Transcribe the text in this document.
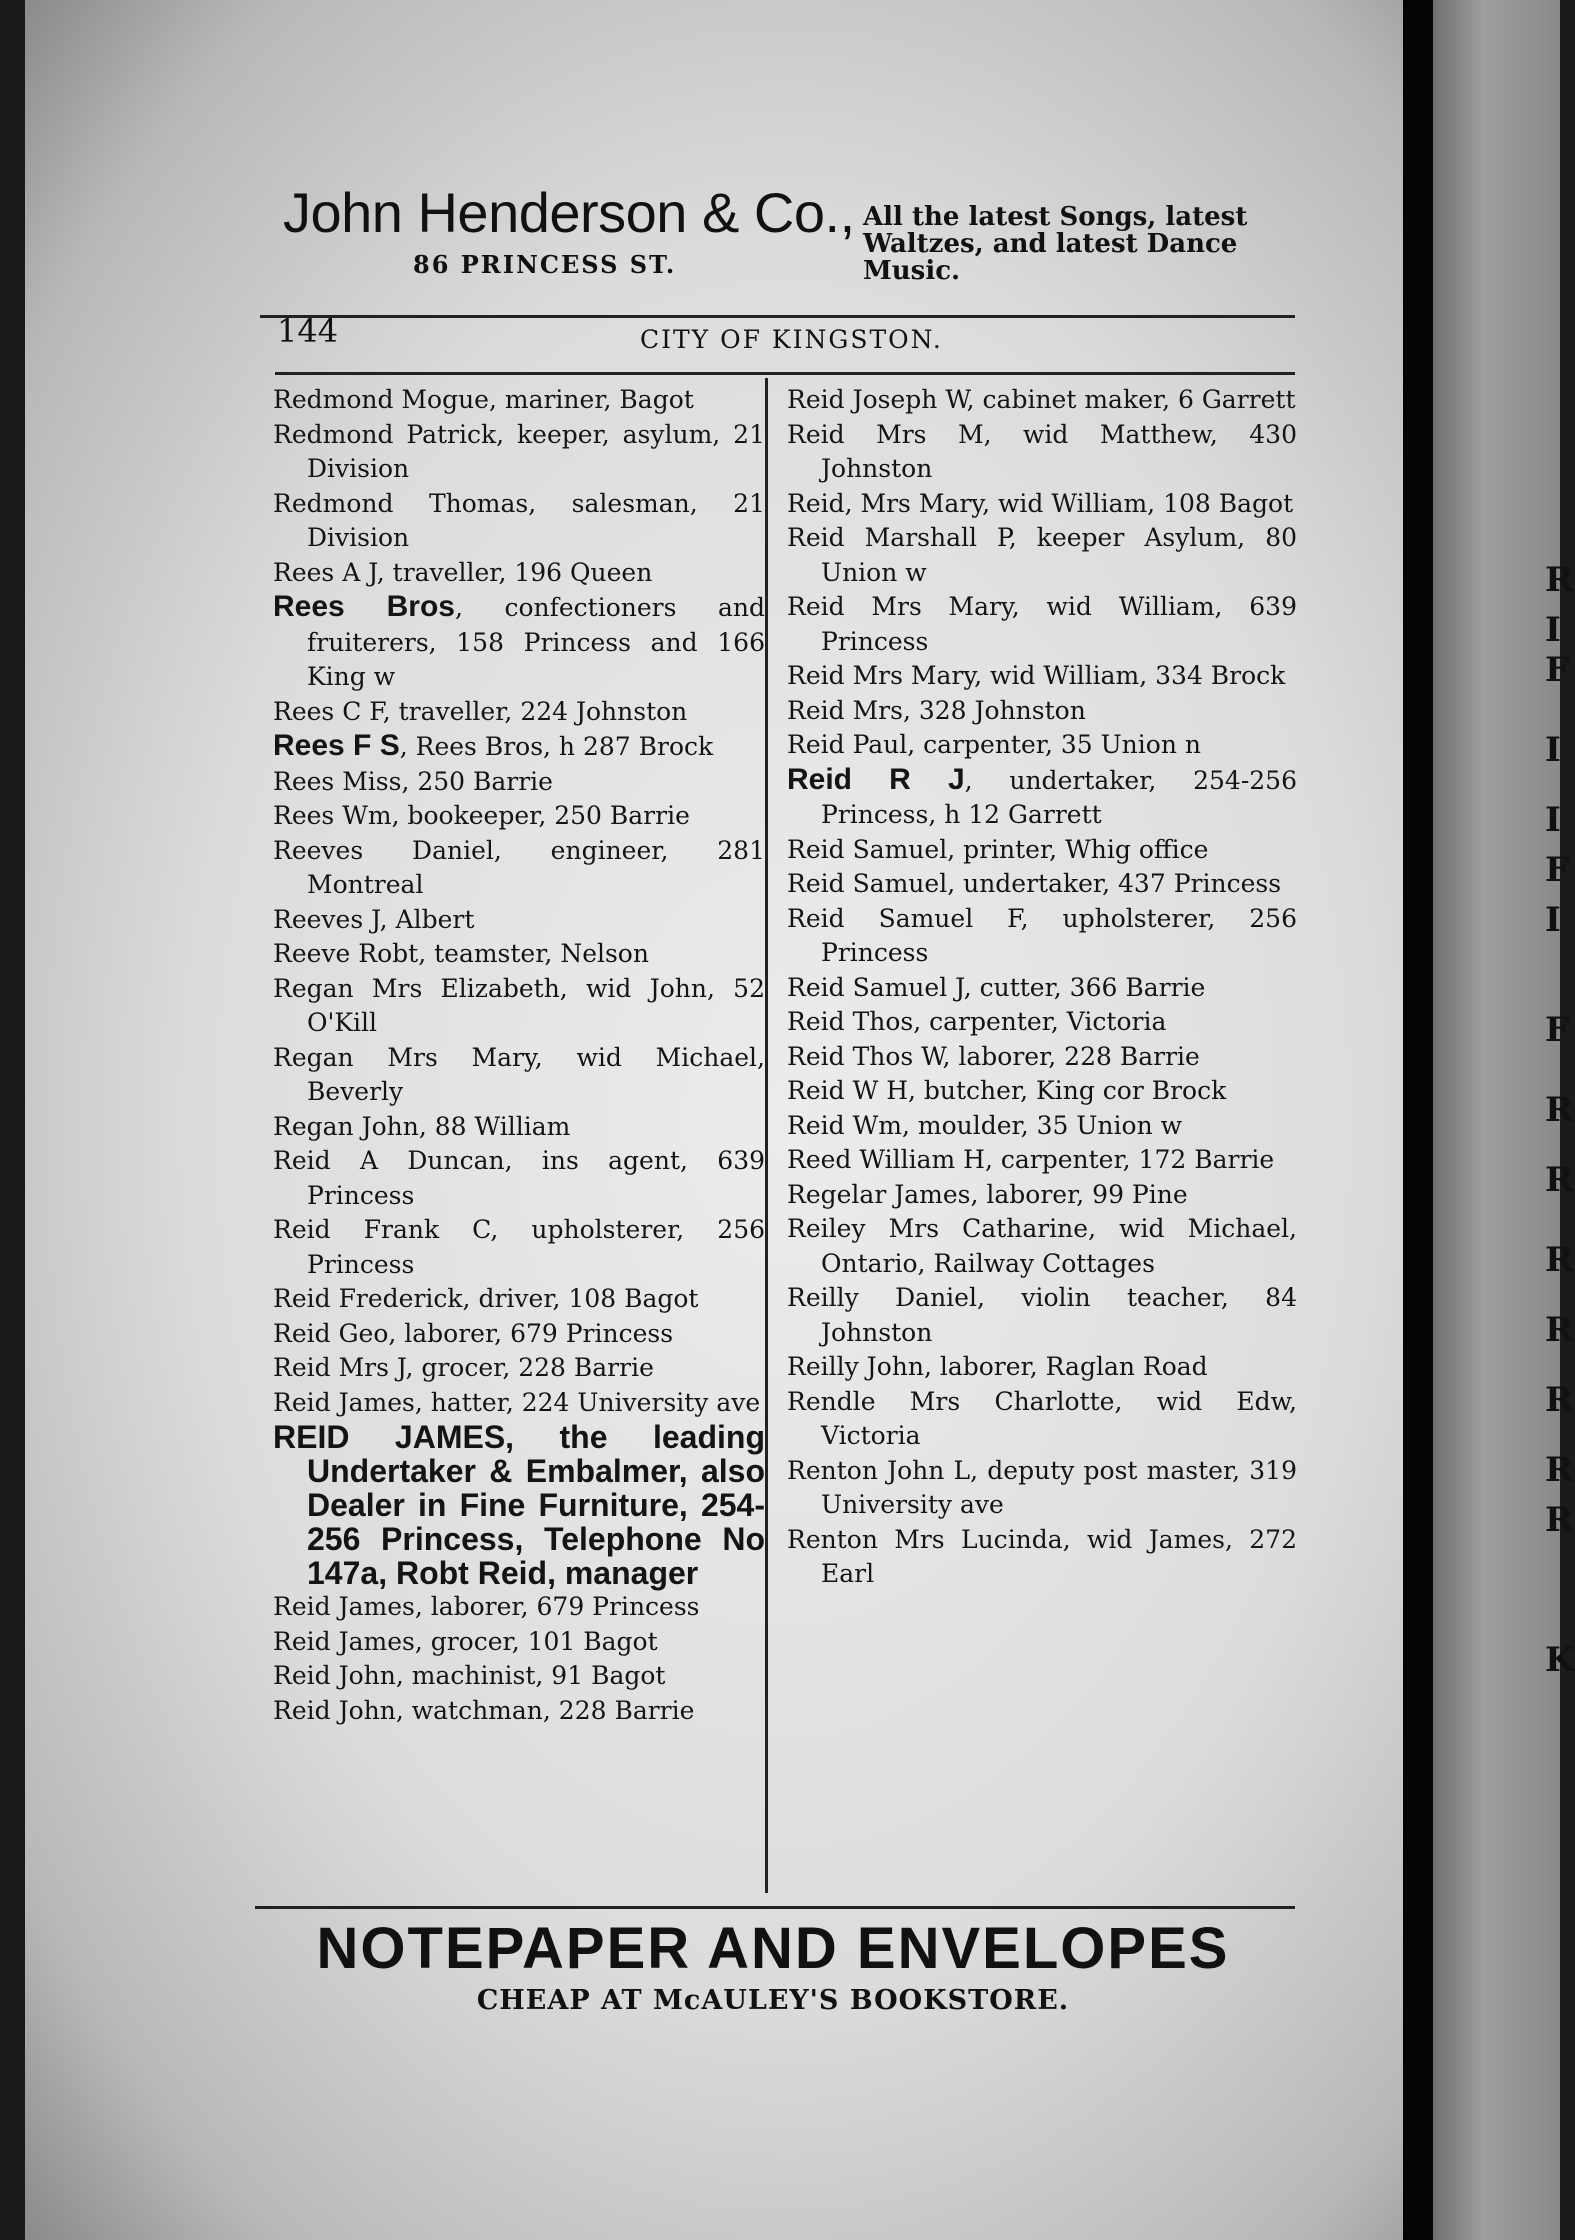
John Henderson & Co.,
86 PRINCESS ST.
All the latest Songs, latest Waltzes, and latest Dance Music.
144	CITY OF KINGSTON.

Redmond Mogue, mariner, Bagot

Redmond Patrick, keeper, asylum, 21 Division

Redmond Thomas, salesman, 21 Division

Rees A J, traveller, 196 Queen

Rees Bros, confectioners and fruiterers, 158 Princess and 166 King w

Rees C F, traveller, 224 Johnston

Rees F S, Rees Bros, h 287 Brock

Rees Miss, 250 Barrie

Rees Wm, bookeeper, 250 Barrie

Reeves Daniel, engineer, 281 Montreal

Reeves J, Albert

Reeve Robt, teamster, Nelson

Regan Mrs Elizabeth, wid John, 52 O'Kill

Regan Mrs Mary, wid Michael, Beverly

Regan John, 88 William

Reid A Duncan, ins agent, 639 Princess

Reid Frank C, upholsterer, 256 Princess

Reid Frederick, driver, 108 Bagot

Reid Geo, laborer, 679 Princess

Reid Mrs J, grocer, 228 Barrie

Reid James, hatter, 224 University ave

REID JAMES, the leading Undertaker & Embalmer, also Dealer in Fine Furniture, 254-256 Princess, Telephone No 147a, Robt Reid, manager

Reid James, laborer, 679 Princess

Reid James, grocer, 101 Bagot

Reid John, machinist, 91 Bagot

Reid John, watchman, 228 Barrie

Reid Joseph W, cabinet maker, 6 Garrett

Reid Mrs M, wid Matthew, 430 Johnston

Reid, Mrs Mary, wid William, 108 Bagot

Reid Marshall P, keeper Asylum, 80 Union w

Reid Mrs Mary, wid William, 639 Princess

Reid Mrs Mary, wid William, 334 Brock

Reid Mrs, 328 Johnston

Reid Paul, carpenter, 35 Union n

Reid R J, undertaker, 254-256 Princess, h 12 Garrett

Reid Samuel, printer, Whig office

Reid Samuel, undertaker, 437 Princess

Reid Samuel F, upholsterer, 256 Princess

Reid Samuel J, cutter, 366 Barrie

Reid Thos, carpenter, Victoria

Reid Thos W, laborer, 228 Barrie

Reid W H, butcher, King cor Brock

Reid Wm, moulder, 35 Union w

Reed William H, carpenter, 172 Barrie

Regelar James, laborer, 99 Pine

Reiley Mrs Catharine, wid Michael, Ontario, Railway Cottages

Reilly Daniel, violin teacher, 84 Johnston

Reilly John, laborer, Raglan Road

Rendle Mrs Charlotte, wid Edw, Victoria

Renton John L, deputy post master, 319 University ave

Renton Mrs Lucinda, wid James, 272 Earl

NOTEPAPER AND ENVELOPES
CHEAP AT McAULEY'S BOOKSTORE.
R
I
F
I
I
F
I
F
R
R
R
R
R
R
R
K
